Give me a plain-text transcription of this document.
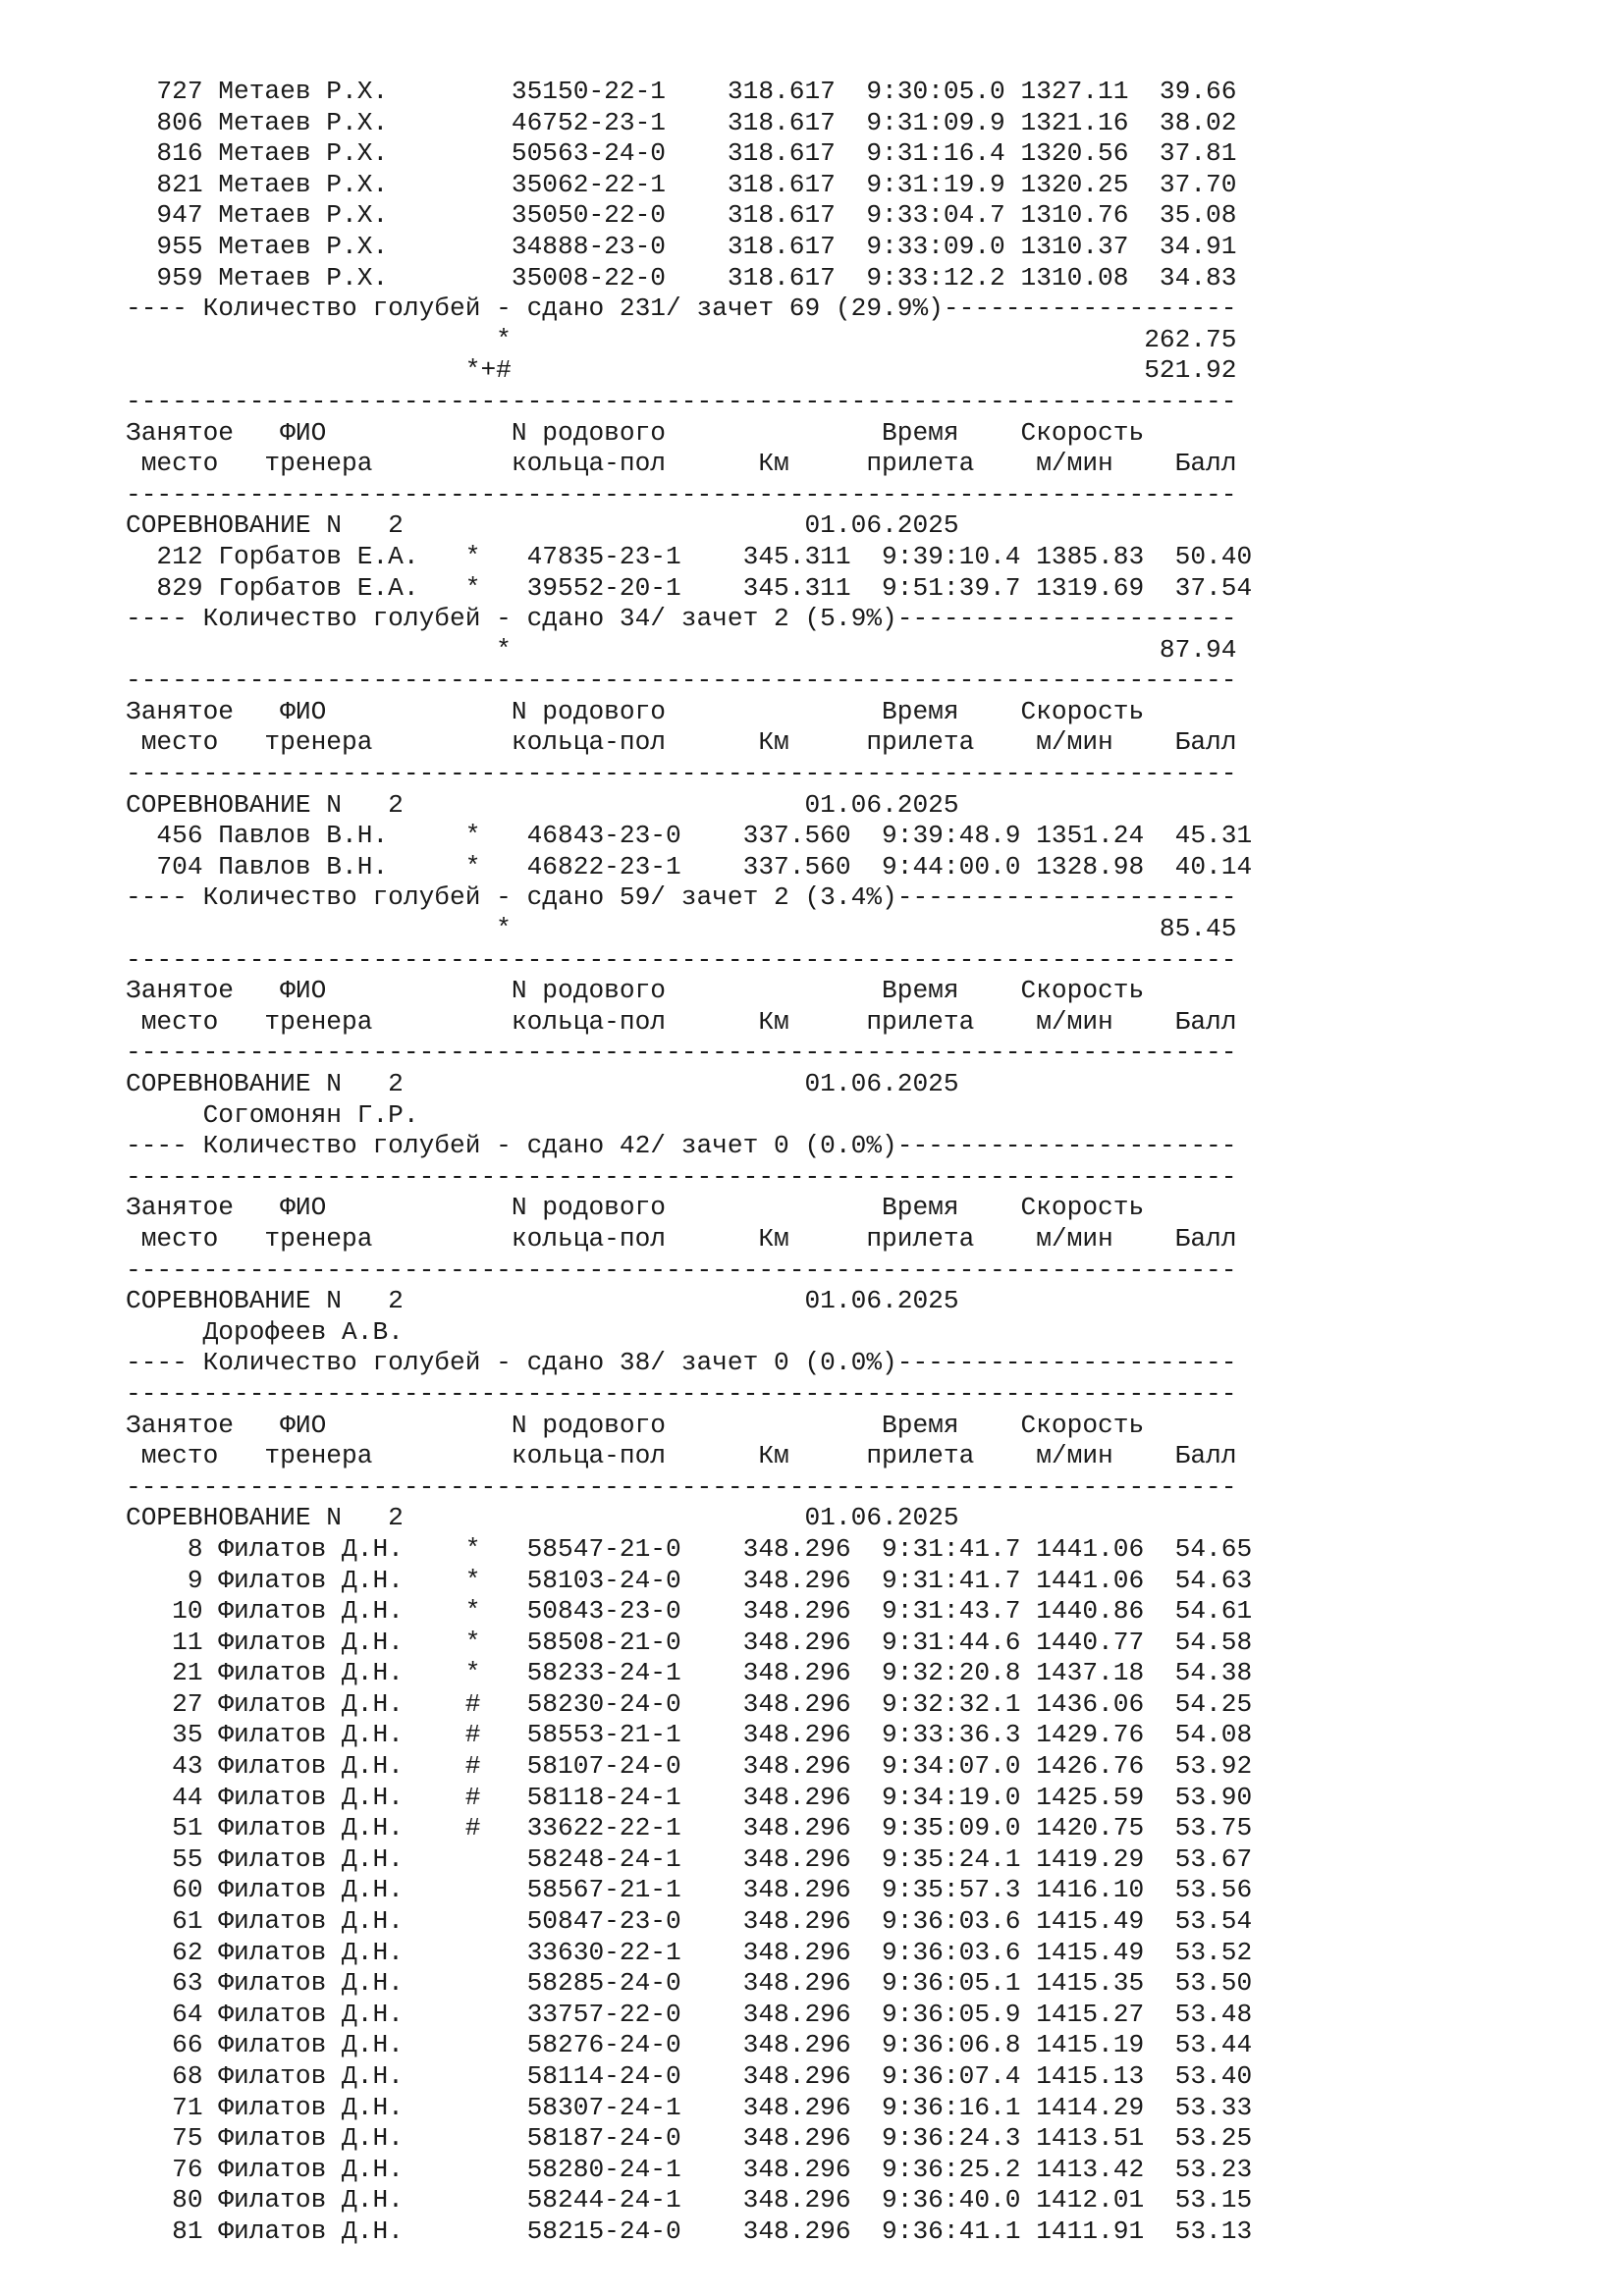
727 Метаев Р.Х.        35150-22-1    318.617  9:30:05.0 1327.11  39.66
806 Метаев Р.Х.        46752-23-1    318.617  9:31:09.9 1321.16  38.02
816 Метаев Р.Х.        50563-24-0    318.617  9:31:16.4 1320.56  37.81
821 Метаев Р.Х.        35062-22-1    318.617  9:31:19.9 1320.25  37.70
947 Метаев Р.Х.        35050-22-0    318.617  9:33:04.7 1310.76  35.08
955 Метаев Р.Х.        34888-23-0    318.617  9:33:09.0 1310.37  34.91
959 Метаев Р.Х.        35008-22-0    318.617  9:33:12.2 1310.08  34.83
---- Количество голубей - сдано 231/ зачет 69 (29.9%)-------------------
*                                         262.75
*+#                                         521.92
------------------------------------------------------------------------
Занятое   ФИО            N родового              Время    Скорость
место   тренера         кольца-пол      Км     прилета    м/мин    Балл
------------------------------------------------------------------------
СОРЕВНОВАНИЕ N   2                          01.06.2025
212 Горбатов Е.А.   *   47835-23-1    345.311  9:39:10.4 1385.83  50.40
829 Горбатов Е.А.   *   39552-20-1    345.311  9:51:39.7 1319.69  37.54
---- Количество голубей - сдано 34/ зачет 2 (5.9%)----------------------
*                                          87.94
------------------------------------------------------------------------
Занятое   ФИО            N родового              Время    Скорость
место   тренера         кольца-пол      Км     прилета    м/мин    Балл
------------------------------------------------------------------------
СОРЕВНОВАНИЕ N   2                          01.06.2025
456 Павлов В.Н.     *   46843-23-0    337.560  9:39:48.9 1351.24  45.31
704 Павлов В.Н.     *   46822-23-1    337.560  9:44:00.0 1328.98  40.14
---- Количество голубей - сдано 59/ зачет 2 (3.4%)----------------------
*                                          85.45
------------------------------------------------------------------------
Занятое   ФИО            N родового              Время    Скорость
место   тренера         кольца-пол      Км     прилета    м/мин    Балл
------------------------------------------------------------------------
СОРЕВНОВАНИЕ N   2                          01.06.2025
Согомонян Г.Р.
---- Количество голубей - сдано 42/ зачет 0 (0.0%)----------------------
------------------------------------------------------------------------
Занятое   ФИО            N родового              Время    Скорость
место   тренера         кольца-пол      Км     прилета    м/мин    Балл
------------------------------------------------------------------------
СОРЕВНОВАНИЕ N   2                          01.06.2025
Дорофеев А.В.
---- Количество голубей - сдано 38/ зачет 0 (0.0%)----------------------
------------------------------------------------------------------------
Занятое   ФИО            N родового              Время    Скорость
место   тренера         кольца-пол      Км     прилета    м/мин    Балл
------------------------------------------------------------------------
СОРЕВНОВАНИЕ N   2                          01.06.2025
8 Филатов Д.Н.    *   58547-21-0    348.296  9:31:41.7 1441.06  54.65
9 Филатов Д.Н.    *   58103-24-0    348.296  9:31:41.7 1441.06  54.63
10 Филатов Д.Н.    *   50843-23-0    348.296  9:31:43.7 1440.86  54.61
11 Филатов Д.Н.    *   58508-21-0    348.296  9:31:44.6 1440.77  54.58
21 Филатов Д.Н.    *   58233-24-1    348.296  9:32:20.8 1437.18  54.38
27 Филатов Д.Н.    #   58230-24-0    348.296  9:32:32.1 1436.06  54.25
35 Филатов Д.Н.    #   58553-21-1    348.296  9:33:36.3 1429.76  54.08
43 Филатов Д.Н.    #   58107-24-0    348.296  9:34:07.0 1426.76  53.92
44 Филатов Д.Н.    #   58118-24-1    348.296  9:34:19.0 1425.59  53.90
51 Филатов Д.Н.    #   33622-22-1    348.296  9:35:09.0 1420.75  53.75
55 Филатов Д.Н.        58248-24-1    348.296  9:35:24.1 1419.29  53.67
60 Филатов Д.Н.        58567-21-1    348.296  9:35:57.3 1416.10  53.56
61 Филатов Д.Н.        50847-23-0    348.296  9:36:03.6 1415.49  53.54
62 Филатов Д.Н.        33630-22-1    348.296  9:36:03.6 1415.49  53.52
63 Филатов Д.Н.        58285-24-0    348.296  9:36:05.1 1415.35  53.50
64 Филатов Д.Н.        33757-22-0    348.296  9:36:05.9 1415.27  53.48
66 Филатов Д.Н.        58276-24-0    348.296  9:36:06.8 1415.19  53.44
68 Филатов Д.Н.        58114-24-0    348.296  9:36:07.4 1415.13  53.40
71 Филатов Д.Н.        58307-24-1    348.296  9:36:16.1 1414.29  53.33
75 Филатов Д.Н.        58187-24-0    348.296  9:36:24.3 1413.51  53.25
76 Филатов Д.Н.        58280-24-1    348.296  9:36:25.2 1413.42  53.23
80 Филатов Д.Н.        58244-24-1    348.296  9:36:40.0 1412.01  53.15
81 Филатов Д.Н.        58215-24-0    348.296  9:36:41.1 1411.91  53.13
